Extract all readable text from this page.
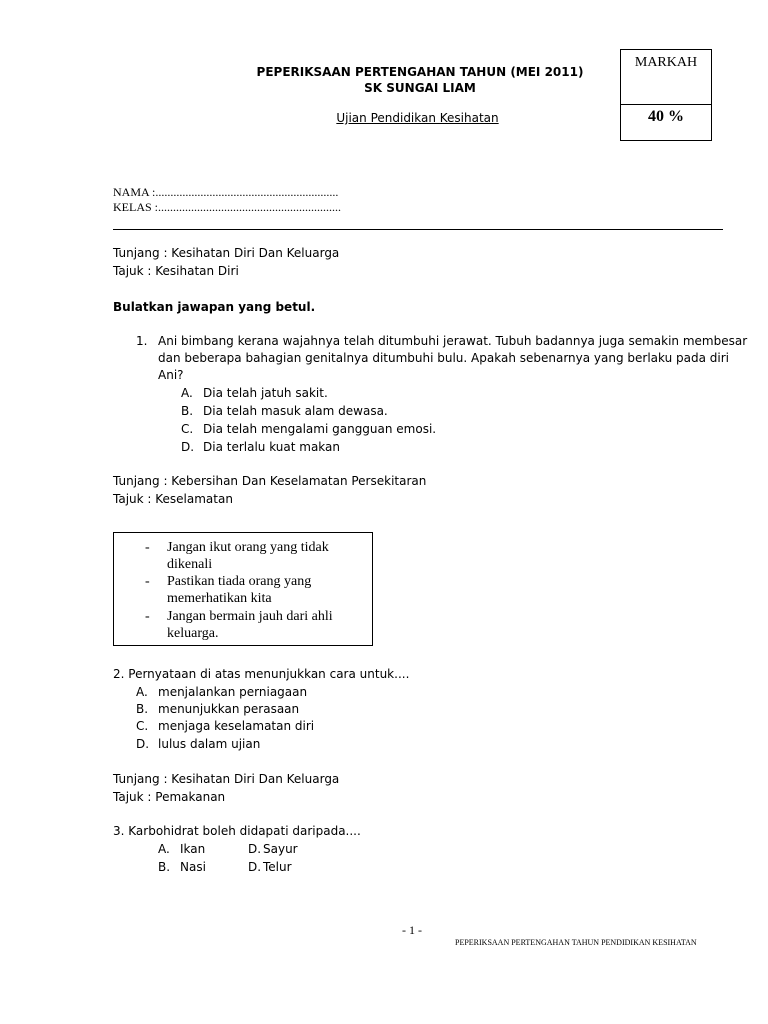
PEPERIKSAAN PERTENGAHAN TAHUN (MEI 2011)
SK SUNGAI LIAM
Ujian Pendidikan Kesihatan
MARKAH
40 %
NAMA :.............................................................
KELAS :.............................................................
Tunjang : Kesihatan Diri Dan Keluarga
Tajuk : Kesihatan Diri
Bulatkan jawapan yang betul.
1. Ani bimbang kerana wajahnya telah ditumbuhi jerawat. Tubuh badannya juga semakin membesar
dan beberapa bahagian genitalnya ditumbuhi bulu. Apakah sebenarnya yang berlaku pada diri
Ani?
A. Dia telah jatuh sakit.
B. Dia telah masuk alam dewasa.
C. Dia telah mengalami gangguan emosi.
D. Dia terlalu kuat makan
Tunjang : Kebersihan Dan Keselamatan Persekitaran
Tajuk : Keselamatan
- Jangan ikut orang yang tidak
dikenali
- Pastikan tiada orang yang
memerhatikan kita
- Jangan bermain jauh dari ahli
keluarga.
2. Pernyataan di atas menunjukkan cara untuk....
A. menjalankan perniagaan
B. menunjukkan perasaan
C. menjaga keselamatan diri
D. lulus dalam ujian
Tunjang : Kesihatan Diri Dan Keluarga
Tajuk : Pemakanan
3. Karbohidrat boleh didapati daripada....
A. Ikan	D. Sayur
B. Nasi	D. Telur
- 1 -
PEPERIKSAAN PERTENGAHAN TAHUN PENDIDIKAN KESIHATAN
